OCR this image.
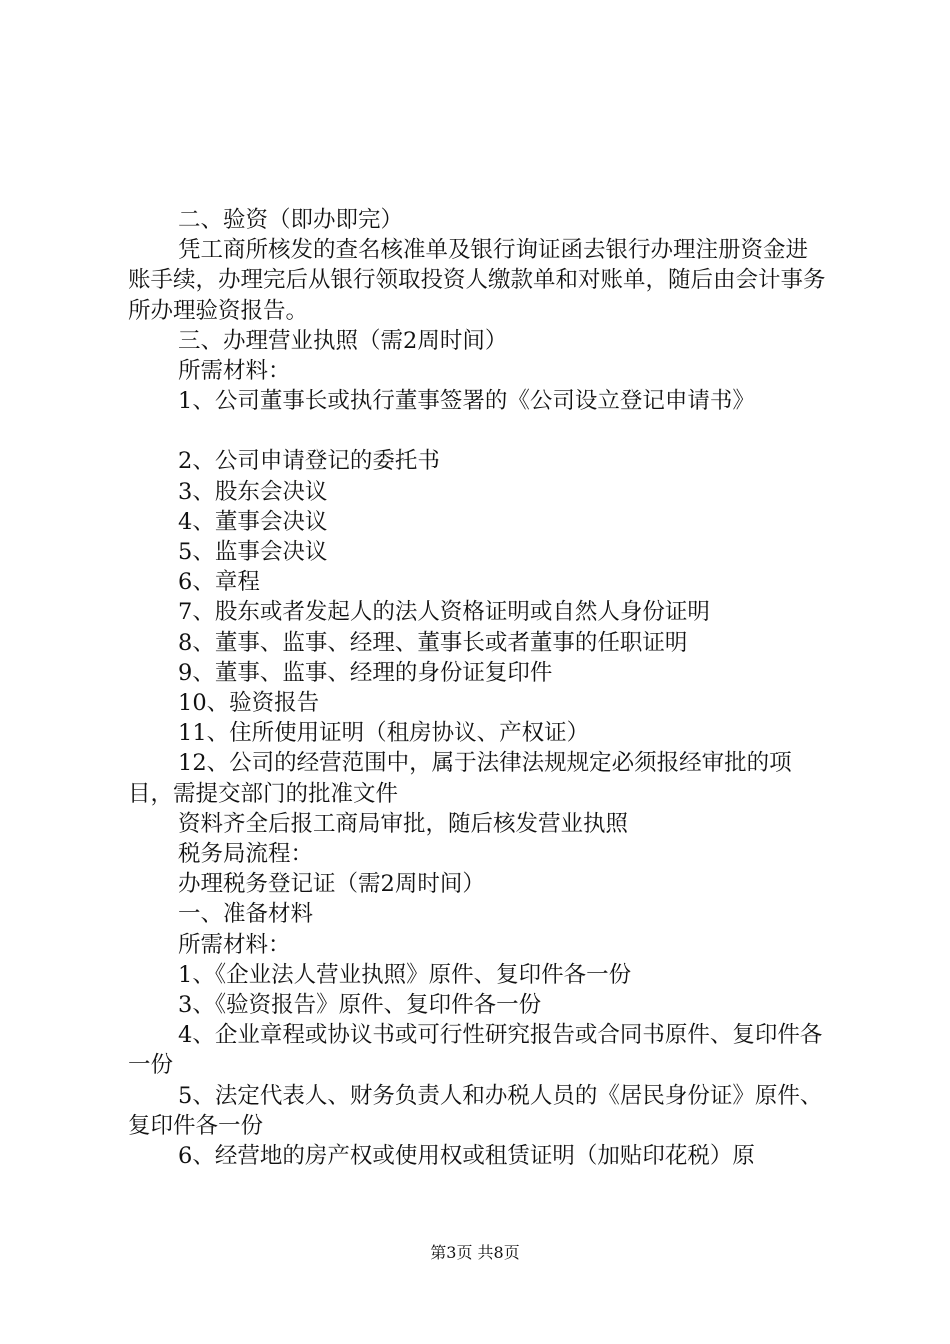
二、验资（即办即完）

凭工商所核发的查名核准单及银行询证函去银行办理注册资金进账手续，办理完后从银行领取投资人缴款单和对账单，随后由会计事务所办理验资报告。

三、办理营业执照（需2周时间）

所需材料：

1、公司董事长或执行董事签署的《公司设立登记申请书》

2、公司申请登记的委托书

3、股东会决议

4、董事会决议

5、监事会决议

6、章程

7、股东或者发起人的法人资格证明或自然人身份证明

8、董事、监事、经理、董事长或者董事的任职证明

9、董事、监事、经理的身份证复印件

10、验资报告

11、住所使用证明（租房协议、产权证）

12、公司的经营范围中，属于法律法规规定必须报经审批的项目，需提交部门的批准文件

资料齐全后报工商局审批，随后核发营业执照

税务局流程：

办理税务登记证（需2周时间）

一、准备材料

所需材料：

1、《企业法人营业执照》原件、复印件各一份

3、《验资报告》原件、复印件各一份

4、企业章程或协议书或可行性研究报告或合同书原件、复印件各一份

5、法定代表人、财务负责人和办税人员的《居民身份证》原件、复印件各一份

6、经营地的房产权或使用权或租赁证明（加贴印花税）原

第3页 共8页
